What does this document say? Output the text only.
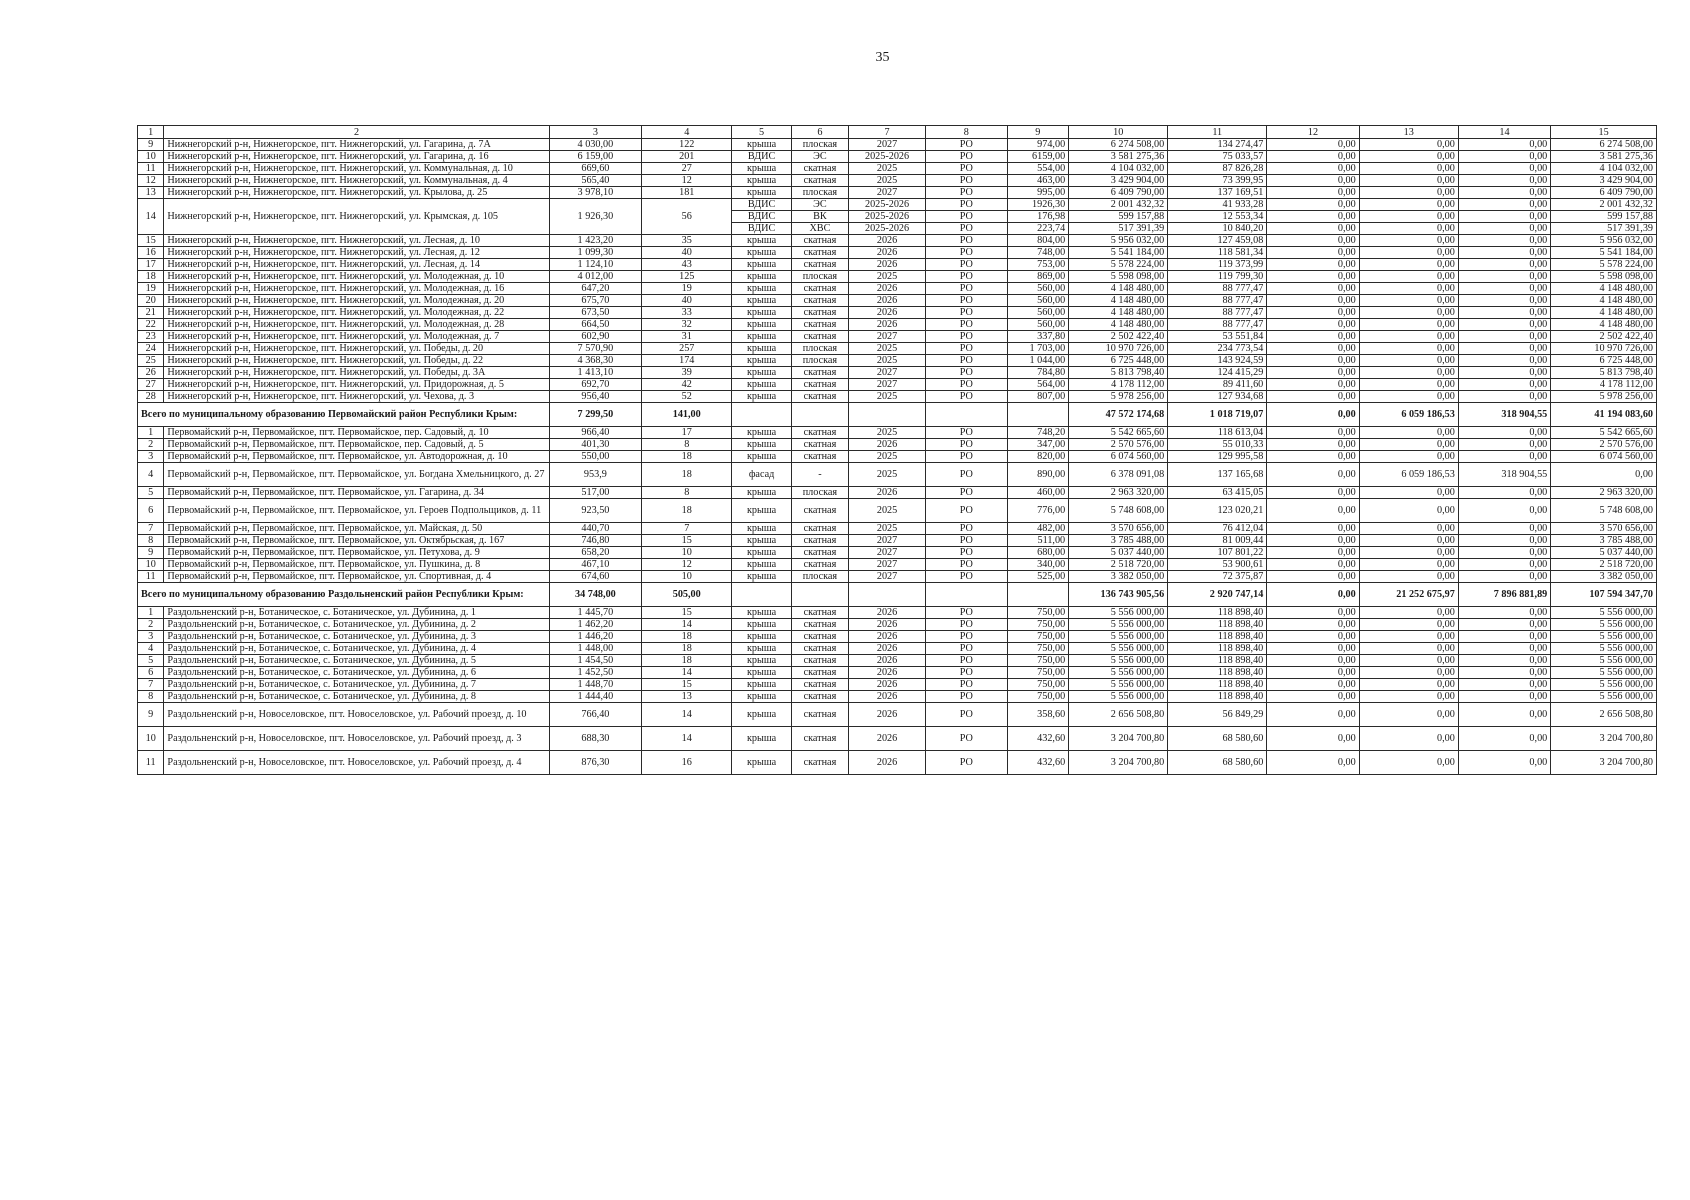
35
1	2	3	4	5	6	7	8	9	10	11	12	13	14	15
9	Нижнегорский р-н, Нижнегорское, пгт. Нижнегорский, ул. Гагарина, д. 7А	4 030,00	122	крыша	плоская	2027	РО	974,00	6 274 508,00	134 274,47	0,00	0,00	0,00	6 274 508,00
10	Нижнегорский р-н, Нижнегорское, пгт. Нижнегорский, ул. Гагарина, д. 16	6 159,00	201	ВДИС	ЭС	2025-2026	РО	6159,00	3 581 275,36	75 033,57	0,00	0,00	0,00	3 581 275,36
11	Нижнегорский р-н, Нижнегорское, пгт. Нижнегорский, ул. Коммунальная, д. 10	669,60	27	крыша	скатная	2025	РО	554,00	4 104 032,00	87 826,28	0,00	0,00	0,00	4 104 032,00
12	Нижнегорский р-н, Нижнегорское, пгт. Нижнегорский, ул. Коммунальная, д. 4	565,40	12	крыша	скатная	2025	РО	463,00	3 429 904,00	73 399,95	0,00	0,00	0,00	3 429 904,00
13	Нижнегорский р-н, Нижнегорское, пгт. Нижнегорский, ул. Крылова, д. 25	3 978,10	181	крыша	плоская	2027	РО	995,00	6 409 790,00	137 169,51	0,00	0,00	0,00	6 409 790,00
14	Нижнегорский р-н, Нижнегорское, пгт. Нижнегорский, ул. Крымская, д. 105	1 926,30	56	ВДИС	ЭС	2025-2026	РО	1926,30	2 001 432,32	41 933,28	0,00	0,00	0,00	2 001 432,32
				ВДИС	ВК	2025-2026	РО	176,98	599 157,88	12 553,34	0,00	0,00	0,00	599 157,88
				ВДИС	ХВС	2025-2026	РО	223,74	517 391,39	10 840,20	0,00	0,00	0,00	517 391,39
15	Нижнегорский р-н, Нижнегорское, пгт. Нижнегорский, ул. Лесная, д. 10	1 423,20	35	крыша	скатная	2026	РО	804,00	5 956 032,00	127 459,08	0,00	0,00	0,00	5 956 032,00
16	Нижнегорский р-н, Нижнегорское, пгт. Нижнегорский, ул. Лесная, д. 12	1 099,30	40	крыша	скатная	2026	РО	748,00	5 541 184,00	118 581,34	0,00	0,00	0,00	5 541 184,00
17	Нижнегорский р-н, Нижнегорское, пгт. Нижнегорский, ул. Лесная, д. 14	1 124,10	43	крыша	скатная	2026	РО	753,00	5 578 224,00	119 373,99	0,00	0,00	0,00	5 578 224,00
18	Нижнегорский р-н, Нижнегорское, пгт. Нижнегорский, ул. Молодежная, д. 10	4 012,00	125	крыша	плоская	2025	РО	869,00	5 598 098,00	119 799,30	0,00	0,00	0,00	5 598 098,00
19	Нижнегорский р-н, Нижнегорское, пгт. Нижнегорский, ул. Молодежная, д. 16	647,20	19	крыша	скатная	2026	РО	560,00	4 148 480,00	88 777,47	0,00	0,00	0,00	4 148 480,00
20	Нижнегорский р-н, Нижнегорское, пгт. Нижнегорский, ул. Молодежная, д. 20	675,70	40	крыша	скатная	2026	РО	560,00	4 148 480,00	88 777,47	0,00	0,00	0,00	4 148 480,00
21	Нижнегорский р-н, Нижнегорское, пгт. Нижнегорский, ул. Молодежная, д. 22	673,50	33	крыша	скатная	2026	РО	560,00	4 148 480,00	88 777,47	0,00	0,00	0,00	4 148 480,00
22	Нижнегорский р-н, Нижнегорское, пгт. Нижнегорский, ул. Молодежная, д. 28	664,50	32	крыша	скатная	2026	РО	560,00	4 148 480,00	88 777,47	0,00	0,00	0,00	4 148 480,00
23	Нижнегорский р-н, Нижнегорское, пгт. Нижнегорский, ул. Молодежная, д. 7	602,90	31	крыша	скатная	2027	РО	337,80	2 502 422,40	53 551,84	0,00	0,00	0,00	2 502 422,40
24	Нижнегорский р-н, Нижнегорское, пгт. Нижнегорский, ул. Победы, д. 20	7 570,90	257	крыша	плоская	2025	РО	1 703,00	10 970 726,00	234 773,54	0,00	0,00	0,00	10 970 726,00
25	Нижнегорский р-н, Нижнегорское, пгт. Нижнегорский, ул. Победы, д. 22	4 368,30	174	крыша	плоская	2025	РО	1 044,00	6 725 448,00	143 924,59	0,00	0,00	0,00	6 725 448,00
26	Нижнегорский р-н, Нижнегорское, пгт. Нижнегорский, ул. Победы, д. 3А	1 413,10	39	крыша	скатная	2027	РО	784,80	5 813 798,40	124 415,29	0,00	0,00	0,00	5 813 798,40
27	Нижнегорский р-н, Нижнегорское, пгт. Нижнегорский, ул. Придорожная, д. 5	692,70	42	крыша	скатная	2027	РО	564,00	4 178 112,00	89 411,60	0,00	0,00	0,00	4 178 112,00
28	Нижнегорский р-н, Нижнегорское, пгт. Нижнегорский, ул. Чехова, д. 3	956,40	52	крыша	скатная	2025	РО	807,00	5 978 256,00	127 934,68	0,00	0,00	0,00	5 978 256,00
Всего по муниципальному образованию Первомайский район Республики Крым:		7 299,50	141,00						47 572 174,68	1 018 719,07	0,00	6 059 186,53	318 904,55	41 194 083,60
1	Первомайский р-н, Первомайское, пгт. Первомайское, пер. Садовый, д. 10	966,40	17	крыша	скатная	2025	РО	748,20	5 542 665,60	118 613,04	0,00	0,00	0,00	5 542 665,60
2	Первомайский р-н, Первомайское, пгт. Первомайское, пер. Садовый, д. 5	401,30	8	крыша	скатная	2026	РО	347,00	2 570 576,00	55 010,33	0,00	0,00	0,00	2 570 576,00
3	Первомайский р-н, Первомайское, пгт. Первомайское, ул. Автодорожная, д. 10	550,00	18	крыша	скатная	2025	РО	820,00	6 074 560,00	129 995,58	0,00	0,00	0,00	6 074 560,00
4	Первомайский р-н, Первомайское, пгт. Первомайское, ул. Богдана Хмельницкого, д. 27	953,9	18	фасад	-	2025	РО	890,00	6 378 091,08	137 165,68	0,00	6 059 186,53	318 904,55	0,00
5	Первомайский р-н, Первомайское, пгт. Первомайское, ул. Гагарина, д. 34	517,00	8	крыша	плоская	2026	РО	460,00	2 963 320,00	63 415,05	0,00	0,00	0,00	2 963 320,00
6	Первомайский р-н, Первомайское, пгт. Первомайское, ул. Героев Подпольщиков, д. 11	923,50	18	крыша	скатная	2025	РО	776,00	5 748 608,00	123 020,21	0,00	0,00	0,00	5 748 608,00
7	Первомайский р-н, Первомайское, пгт. Первомайское, ул. Майская, д. 50	440,70	7	крыша	скатная	2025	РО	482,00	3 570 656,00	76 412,04	0,00	0,00	0,00	3 570 656,00
8	Первомайский р-н, Первомайское, пгт. Первомайское, ул. Октябрьская, д. 167	746,80	15	крыша	скатная	2027	РО	511,00	3 785 488,00	81 009,44	0,00	0,00	0,00	3 785 488,00
9	Первомайский р-н, Первомайское, пгт. Первомайское, ул. Петухова, д. 9	658,20	10	крыша	скатная	2027	РО	680,00	5 037 440,00	107 801,22	0,00	0,00	0,00	5 037 440,00
10	Первомайский р-н, Первомайское, пгт. Первомайское, ул. Пушкина, д. 8	467,10	12	крыша	скатная	2027	РО	340,00	2 518 720,00	53 900,61	0,00	0,00	0,00	2 518 720,00
11	Первомайский р-н, Первомайское, пгт. Первомайское, ул. Спортивная, д. 4	674,60	10	крыша	плоская	2027	РО	525,00	3 382 050,00	72 375,87	0,00	0,00	0,00	3 382 050,00
Всего по муниципальному образованию Раздольненский район Республики Крым:		34 748,00	505,00						136 743 905,56	2 920 747,14	0,00	21 252 675,97	7 896 881,89	107 594 347,70
1	Раздольненский р-н, Ботаническое, с. Ботаническое, ул. Дубинина, д. 1	1 445,70	15	крыша	скатная	2026	РО	750,00	5 556 000,00	118 898,40	0,00	0,00	0,00	5 556 000,00
2	Раздольненский р-н, Ботаническое, с. Ботаническое, ул. Дубинина, д. 2	1 462,20	14	крыша	скатная	2026	РО	750,00	5 556 000,00	118 898,40	0,00	0,00	0,00	5 556 000,00
3	Раздольненский р-н, Ботаническое, с. Ботаническое, ул. Дубинина, д. 3	1 446,20	18	крыша	скатная	2026	РО	750,00	5 556 000,00	118 898,40	0,00	0,00	0,00	5 556 000,00
4	Раздольненский р-н, Ботаническое, с. Ботаническое, ул. Дубинина, д. 4	1 448,00	18	крыша	скатная	2026	РО	750,00	5 556 000,00	118 898,40	0,00	0,00	0,00	5 556 000,00
5	Раздольненский р-н, Ботаническое, с. Ботаническое, ул. Дубинина, д. 5	1 454,50	18	крыша	скатная	2026	РО	750,00	5 556 000,00	118 898,40	0,00	0,00	0,00	5 556 000,00
6	Раздольненский р-н, Ботаническое, с. Ботаническое, ул. Дубинина, д. 6	1 452,50	14	крыша	скатная	2026	РО	750,00	5 556 000,00	118 898,40	0,00	0,00	0,00	5 556 000,00
7	Раздольненский р-н, Ботаническое, с. Ботаническое, ул. Дубинина, д. 7	1 448,70	15	крыша	скатная	2026	РО	750,00	5 556 000,00	118 898,40	0,00	0,00	0,00	5 556 000,00
8	Раздольненский р-н, Ботаническое, с. Ботаническое, ул. Дубинина, д. 8	1 444,40	13	крыша	скатная	2026	РО	750,00	5 556 000,00	118 898,40	0,00	0,00	0,00	5 556 000,00
9	Раздольненский р-н, Новоселовское, пгт. Новоселовское, ул. Рабочий проезд, д. 10	766,40	14	крыша	скатная	2026	РО	358,60	2 656 508,80	56 849,29	0,00	0,00	0,00	2 656 508,80
10	Раздольненский р-н, Новоселовское, пгт. Новоселовское, ул. Рабочий проезд, д. 3	688,30	14	крыша	скатная	2026	РО	432,60	3 204 700,80	68 580,60	0,00	0,00	0,00	3 204 700,80
11	Раздольненский р-н, Новоселовское, пгт. Новоселовское, ул. Рабочий проезд, д. 4	876,30	16	крыша	скатная	2026	РО	432,60	3 204 700,80	68 580,60	0,00	0,00	0,00	3 204 700,80
